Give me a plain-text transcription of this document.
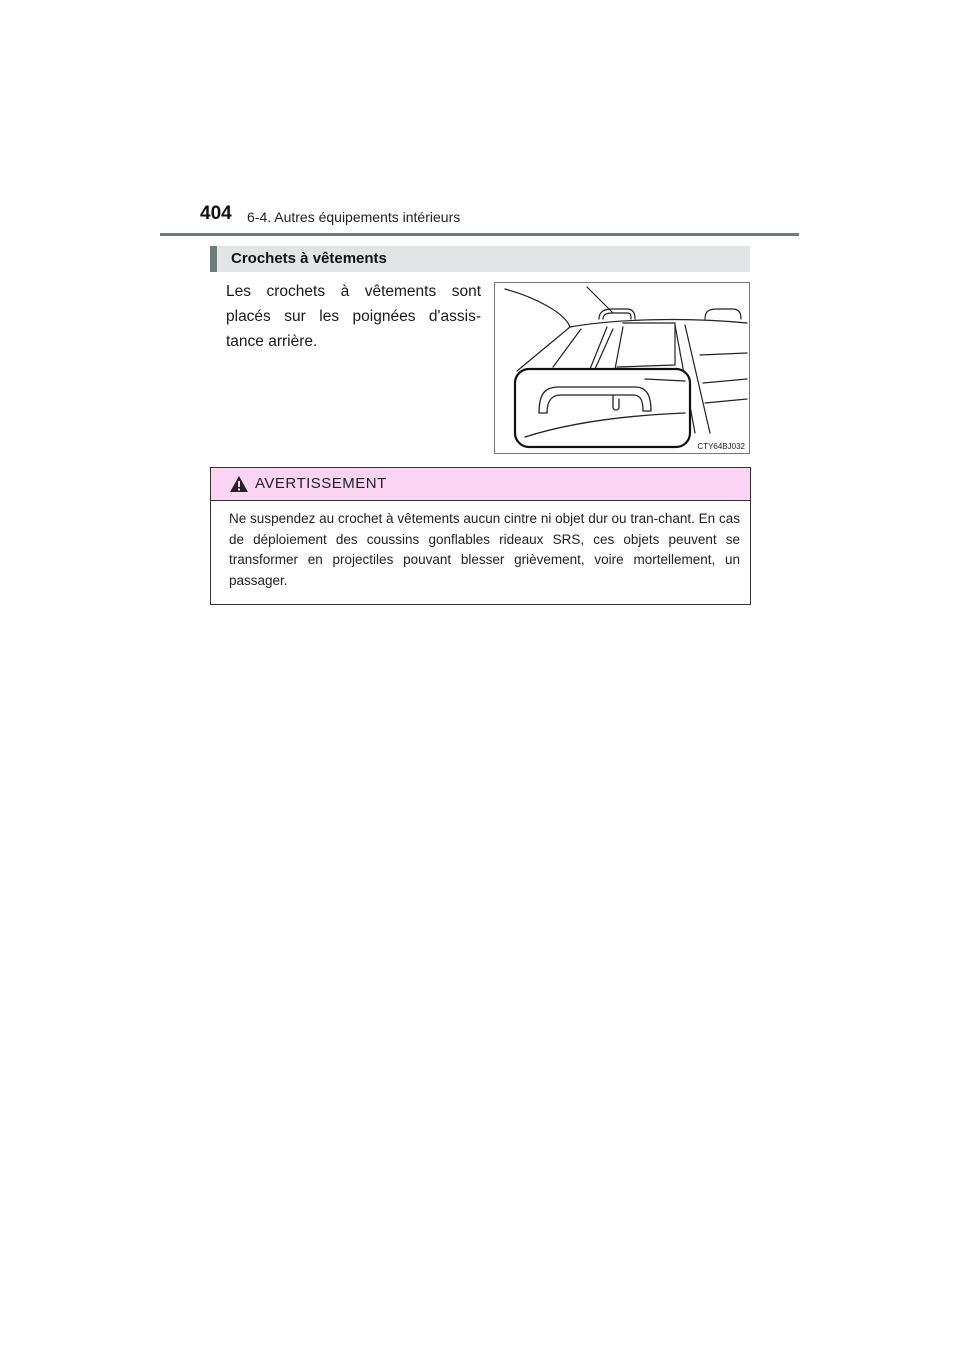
404 6-4. Autres équipements intérieurs
Crochets à vêtements
Les crochets à vêtements sont placés sur les poignées d'assis-tance arrière.
CTY64BJ032
AVERTISSEMENT
Ne suspendez au crochet à vêtements aucun cintre ni objet dur ou tran-chant. En cas de déploiement des coussins gonflables rideaux SRS, ces objets peuvent se transformer en projectiles pouvant blesser grièvement, voire mortellement, un passager.
